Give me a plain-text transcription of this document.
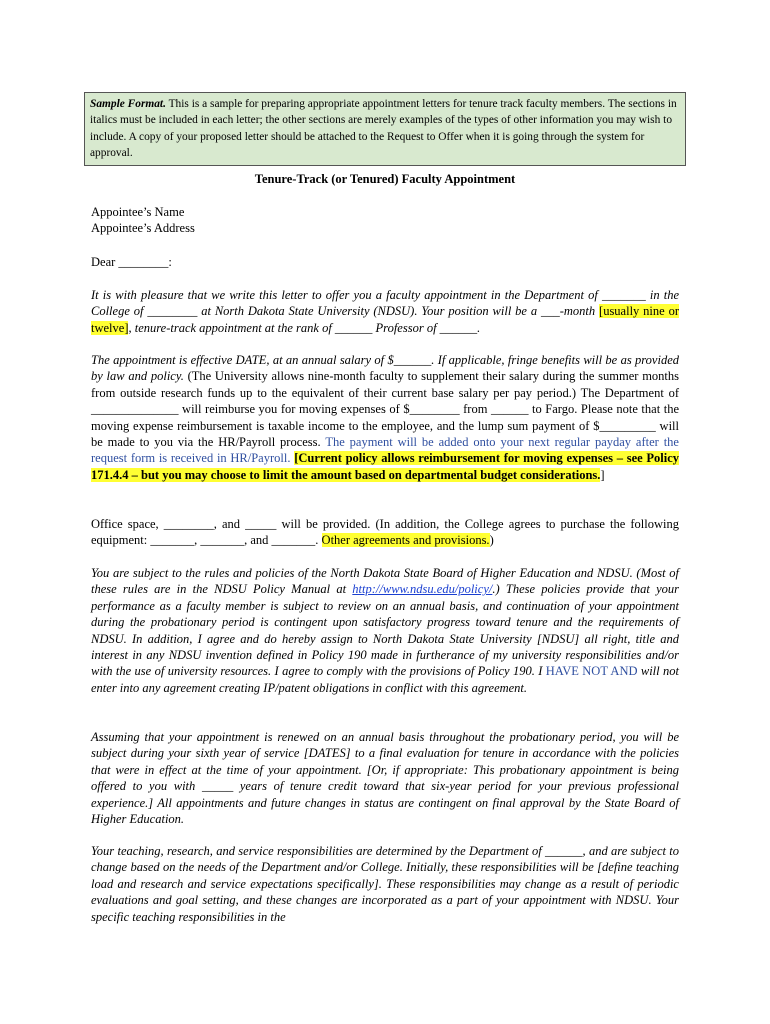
Sample Format. This is a sample for preparing appropriate appointment letters for tenure track faculty members. The sections in italics must be included in each letter; the other sections are merely examples of the types of other information you may wish to include. A copy of your proposed letter should be attached to the Request to Offer when it is going through the system for approval.
Tenure-Track (or Tenured) Faculty Appointment
Appointee’s Name
Appointee’s Address
Dear ________:

It is with pleasure that we write this letter to offer you a faculty appointment in the Department of _______ in the College of ________ at North Dakota State University (NDSU). Your position will be a ___-month [usually nine or twelve], tenure-track appointment at the rank of ______ Professor of ______.

The appointment is effective DATE, at an annual salary of $______. If applicable, fringe benefits will be as provided by law and policy. (The University allows nine-month faculty to supplement their salary during the summer months from outside research funds up to the equivalent of their current base salary per pay period.) The Department of ______________ will reimburse you for moving expenses of $________ from ______ to Fargo. Please note that the moving expense reimbursement is taxable income to the employee, and the lump sum payment of $_________ will be made to you via the HR/Payroll process. The payment will be added onto your next regular payday after the request form is received in HR/Payroll. [Current policy allows reimbursement for moving expenses – see Policy 171.4.4 – but you may choose to limit the amount based on departmental budget considerations.]

Office space, ________, and _____ will be provided. (In addition, the College agrees to purchase the following equipment: _______, _______, and _______. Other agreements and provisions.)

You are subject to the rules and policies of the North Dakota State Board of Higher Education and NDSU. (Most of these rules are in the NDSU Policy Manual at http://www.ndsu.edu/policy/.) These policies provide that your performance as a faculty member is subject to review on an annual basis, and continuation of your appointment during the probationary period is contingent upon satisfactory progress toward tenure and the requirements of NDSU. In addition, I agree and do hereby assign to North Dakota State University [NDSU] all right, title and interest in any NDSU invention defined in Policy 190 made in furtherance of my university responsibilities and/or with the use of university resources. I agree to comply with the provisions of Policy 190. I HAVE NOT AND will not enter into any agreement creating IP/patent obligations in conflict with this agreement.

Assuming that your appointment is renewed on an annual basis throughout the probationary period, you will be subject during your sixth year of service [DATES] to a final evaluation for tenure in accordance with the policies that were in effect at the time of your appointment. [Or, if appropriate: This probationary appointment is being offered to you with _____ years of tenure credit toward that six-year period for your previous professional experience.] All appointments and future changes in status are contingent on final approval by the State Board of Higher Education.

Your teaching, research, and service responsibilities are determined by the Department of ______, and are subject to change based on the needs of the Department and/or College. Initially, these responsibilities will be [define teaching load and research and service expectations specifically]. These responsibilities may change as a result of periodic evaluations and goal setting, and these changes are incorporated as a part of your appointment with NDSU. Your specific teaching responsibilities in the
